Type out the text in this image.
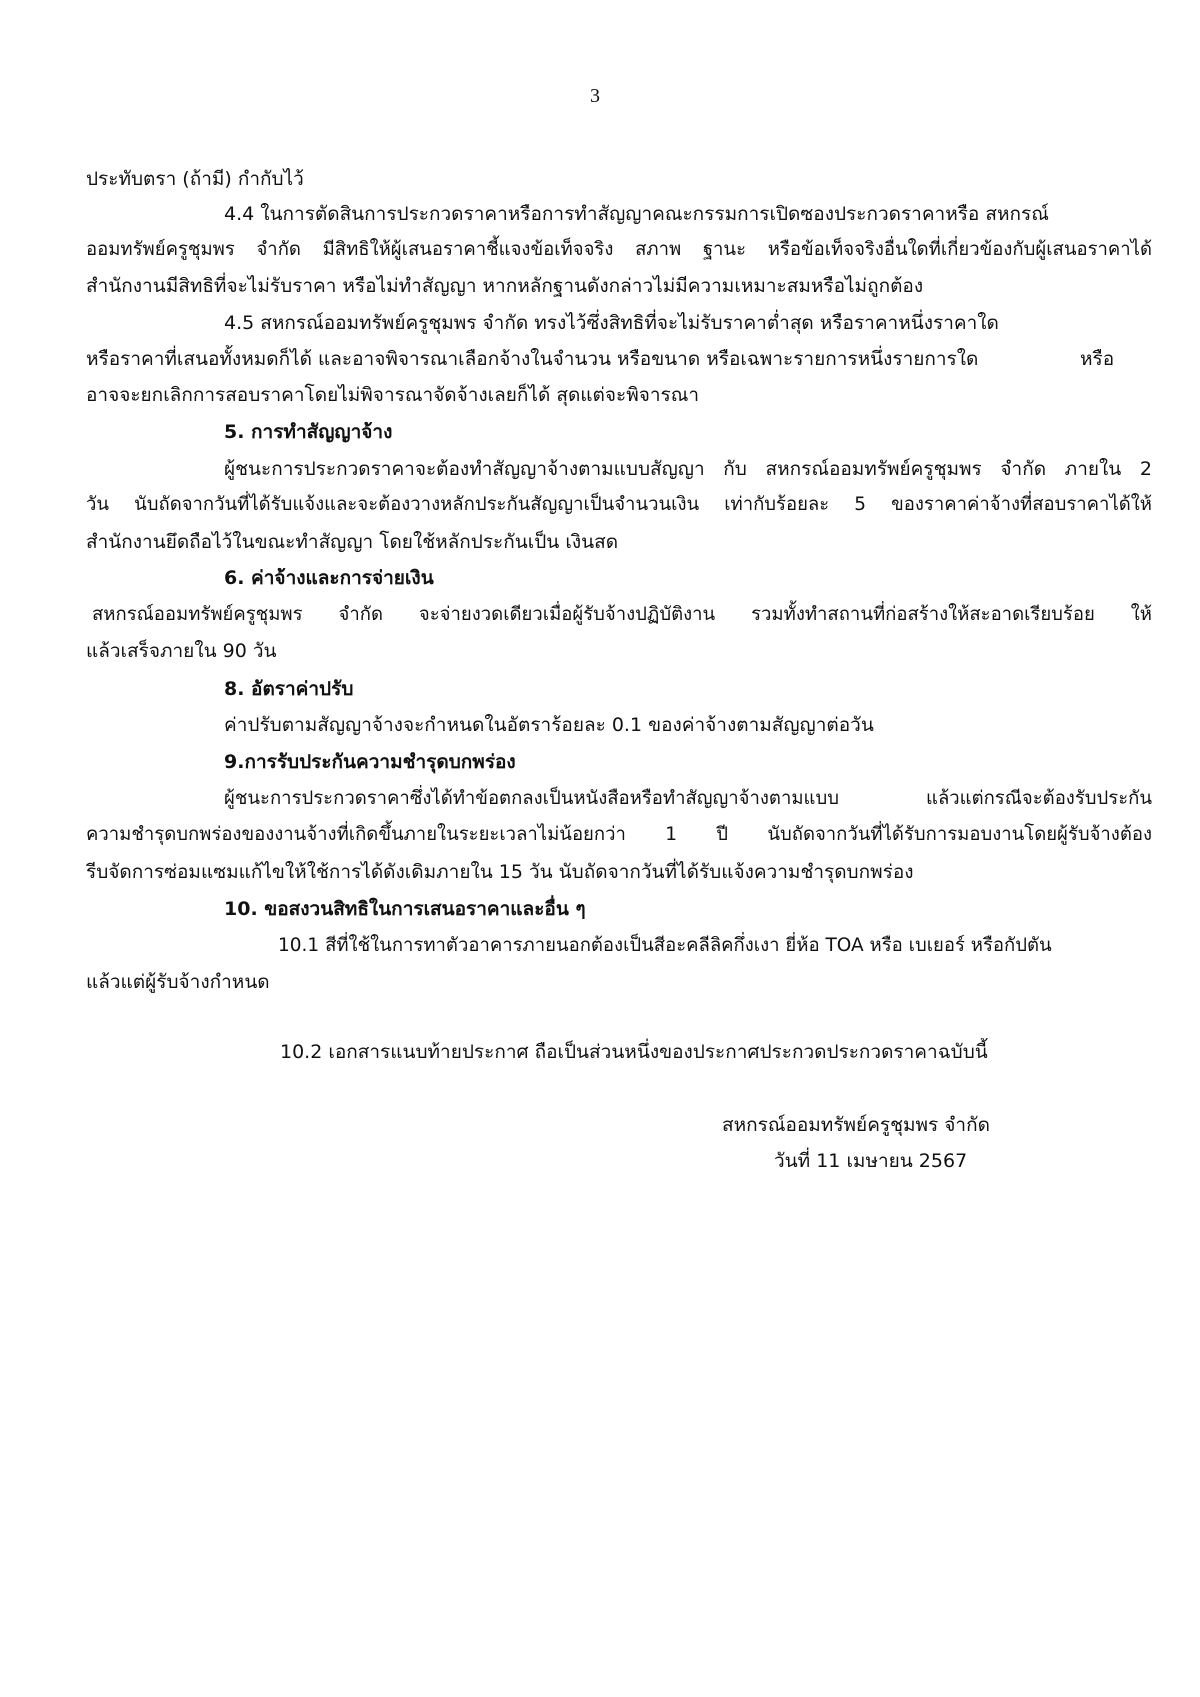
3
ประทับตรา (ถ้ามี) กำกับไว้
4.4 ในการตัดสินการประกวดราคาหรือการทำสัญญาคณะกรรมการเปิดซองประกวดราคาหรือ สหกรณ์
ออมทรัพย์ครูชุมพร จำกัด มีสิทธิให้ผู้เสนอราคาชี้แจงข้อเท็จจริง สภาพ ฐานะ หรือข้อเท็จจริงอื่นใดที่เกี่ยวข้องกับผู้เสนอราคาได้
สำนักงานมีสิทธิที่จะไม่รับราคา หรือไม่ทำสัญญา หากหลักฐานดังกล่าวไม่มีความเหมาะสมหรือไม่ถูกต้อง
4.5 สหกรณ์ออมทรัพย์ครูชุมพร จำกัด ทรงไว้ซึ่งสิทธิที่จะไม่รับราคาต่ำสุด หรือราคาหนึ่งราคาใด
หรือราคาที่เสนอทั้งหมดก็ได้ และอาจพิจารณาเลือกจ้างในจำนวน หรือขนาด หรือเฉพาะรายการหนึ่งรายการใด	หรือ
อาจจะยกเลิกการสอบราคาโดยไม่พิจารณาจัดจ้างเลยก็ได้ สุดแต่จะพิจารณา
5. การทำสัญญาจ้าง
ผู้ชนะการประกวดราคาจะต้องทำสัญญาจ้างตามแบบสัญญา กับ สหกรณ์ออมทรัพย์ครูชุมพร จำกัด ภายใน 2
วัน นับถัดจากวันที่ได้รับแจ้งและจะต้องวางหลักประกันสัญญาเป็นจำนวนเงิน เท่ากับร้อยละ 5 ของราคาค่าจ้างที่สอบราคาได้ให้
สำนักงานยึดถือไว้ในขณะทำสัญญา โดยใช้หลักประกันเป็น เงินสด
6. ค่าจ้างและการจ่ายเงิน
สหกรณ์ออมทรัพย์ครูชุมพร จำกัด จะจ่ายงวดเดียวเมื่อผู้รับจ้างปฏิบัติงาน รวมทั้งทำสถานที่ก่อสร้างให้สะอาดเรียบร้อย ให้
แล้วเสร็จภายใน 90 วัน
8. อัตราค่าปรับ
ค่าปรับตามสัญญาจ้างจะกำหนดในอัตราร้อยละ 0.1 ของค่าจ้างตามสัญญาต่อวัน
9.การรับประกันความชำรุดบกพร่อง
ผู้ชนะการประกวดราคาซึ่งได้ทำข้อตกลงเป็นหนังสือหรือทำสัญญาจ้างตามแบบ แล้วแต่กรณีจะต้องรับประกัน
ความชำรุดบกพร่องของงานจ้างที่เกิดขึ้นภายในระยะเวลาไม่น้อยกว่า 1 ปี นับถัดจากวันที่ได้รับการมอบงานโดยผู้รับจ้างต้อง
รีบจัดการซ่อมแซมแก้ไขให้ใช้การได้ดังเดิมภายใน 15 วัน นับถัดจากวันที่ได้รับแจ้งความชำรุดบกพร่อง
10. ขอสงวนสิทธิในการเสนอราคาและอื่น ๆ
10.1 สีที่ใช้ในการทาตัวอาคารภายนอกต้องเป็นสีอะคลีลิคกึ่งเงา ยี่ห้อ TOA หรือ เบเยอร์ หรือกัปตัน
แล้วแต่ผู้รับจ้างกำหนด
10.2 เอกสารแนบท้ายประกาศ ถือเป็นส่วนหนึ่งของประกาศประกวดประกวดราคาฉบับนี้
สหกรณ์ออมทรัพย์ครูชุมพร จำกัด
วันที่ 11 เมษายน 2567
